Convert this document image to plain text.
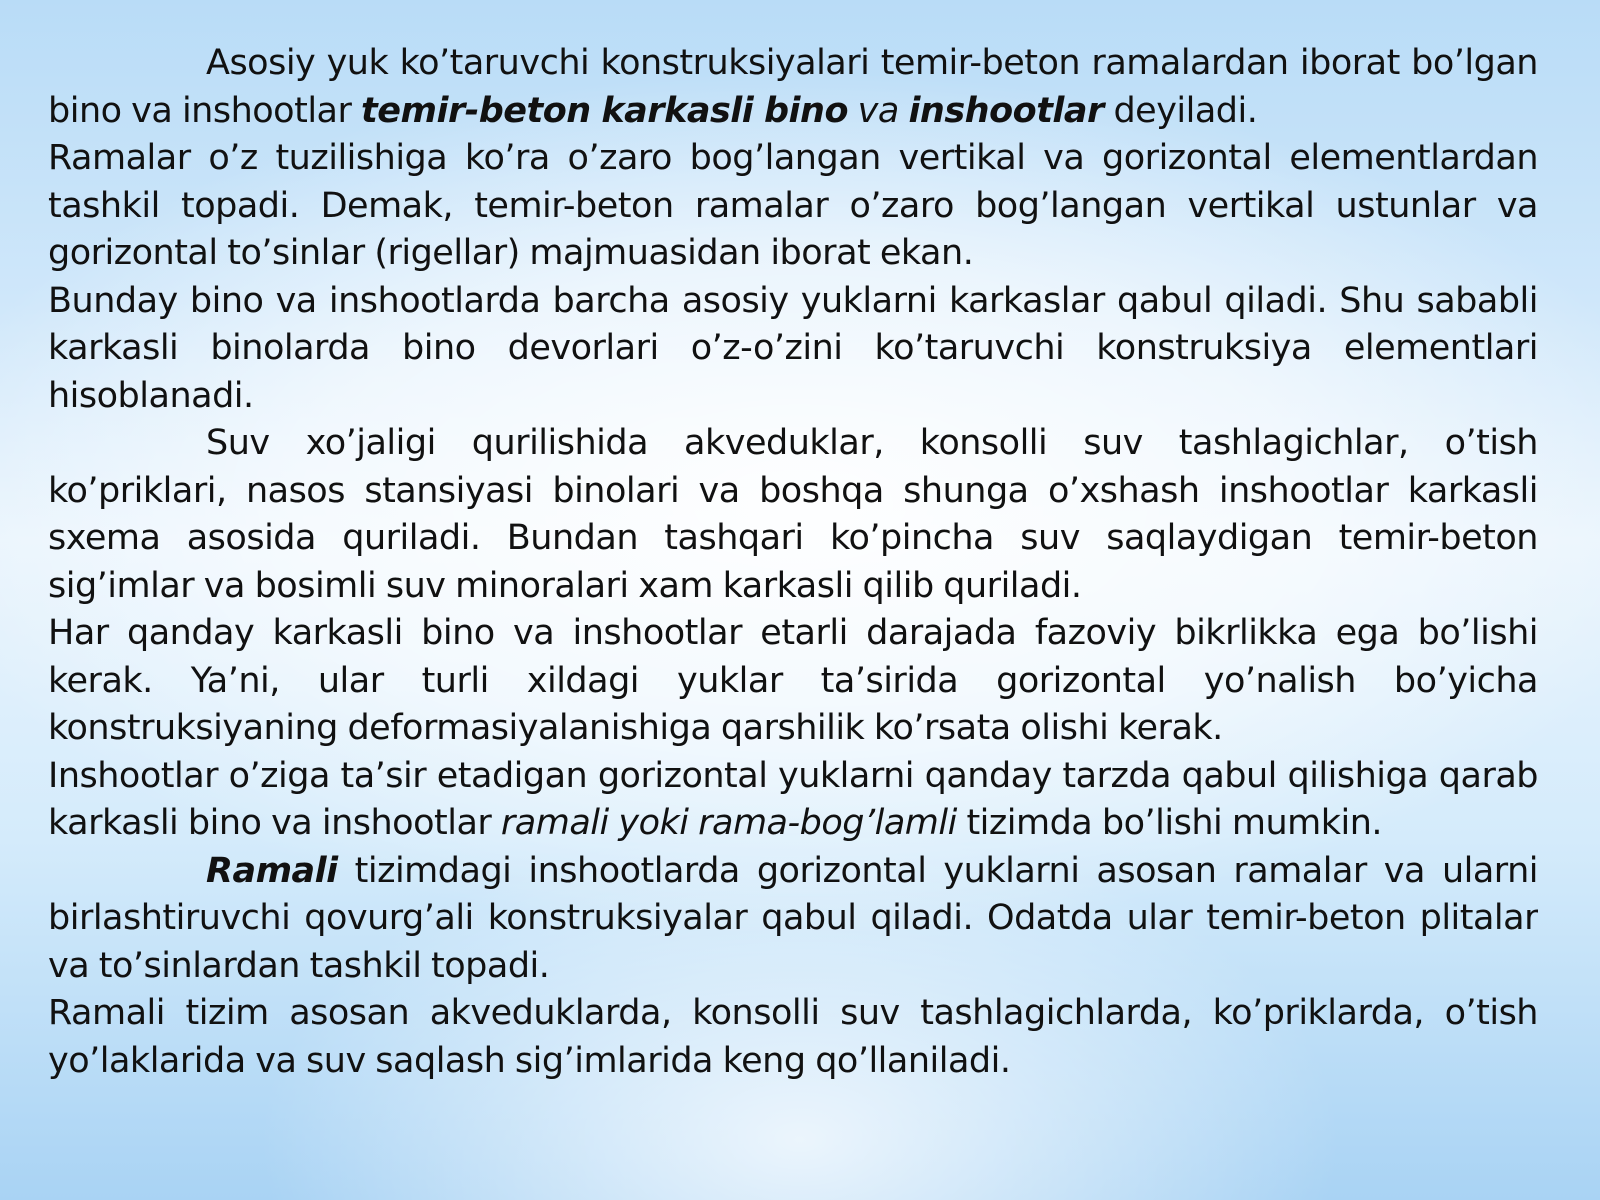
Asosiy yuk ko’taruvchi konstruksiyalari temir-beton ramalardan iborat bo’lgan bino va inshootlar temir-beton karkasli bino va inshootlar deyiladi.

Ramalar o’z tuzilishiga ko’ra o’zaro bog’langan vertikal va gorizontal elementlardan tashkil topadi. Demak, temir-beton ramalar o’zaro bog’langan vertikal ustunlar va gorizontal to’sinlar (rigellar) majmuasidan iborat ekan.

Bunday bino va inshootlarda barcha asosiy yuklarni karkaslar qabul qiladi. Shu sababli karkasli binolarda bino devorlari o’z-o’zini ko’taruvchi konstruksiya elementlari hisoblanadi.

Suv xo’jaligi qurilishida akveduklar, konsolli suv tashlagichlar, o’tish ko’priklari, nasos stansiyasi binolari va boshqa shunga o’xshash inshootlar karkasli sxema asosida quriladi. Bundan tashqari ko’pincha suv saqlaydigan temir-beton sig’imlar va bosimli suv minoralari xam karkasli qilib quriladi.

Har qanday karkasli bino va inshootlar etarli darajada fazoviy bikrlikka ega bo’lishi kerak. Ya’ni, ular turli xildagi yuklar ta’sirida gorizontal yo’nalish bo’yicha konstruksiyaning deformasiyalanishiga qarshilik ko’rsata olishi kerak.

Inshootlar o’ziga ta’sir etadigan gorizontal yuklarni qanday tarzda qabul qilishiga qarab karkasli bino va inshootlar ramali yoki rama-bog’lamli tizimda bo’lishi mumkin.

Ramali tizimdagi inshootlarda gorizontal yuklarni asosan ramalar va ularni birlashtiruvchi qovurg’ali konstruksiyalar qabul qiladi. Odatda ular temir-beton plitalar va to’sinlardan tashkil topadi.

Ramali tizim asosan akveduklarda, konsolli suv tashlagichlarda, ko’priklarda, o’tish yo’laklarida va suv saqlash sig’imlarida keng qo’llaniladi.
